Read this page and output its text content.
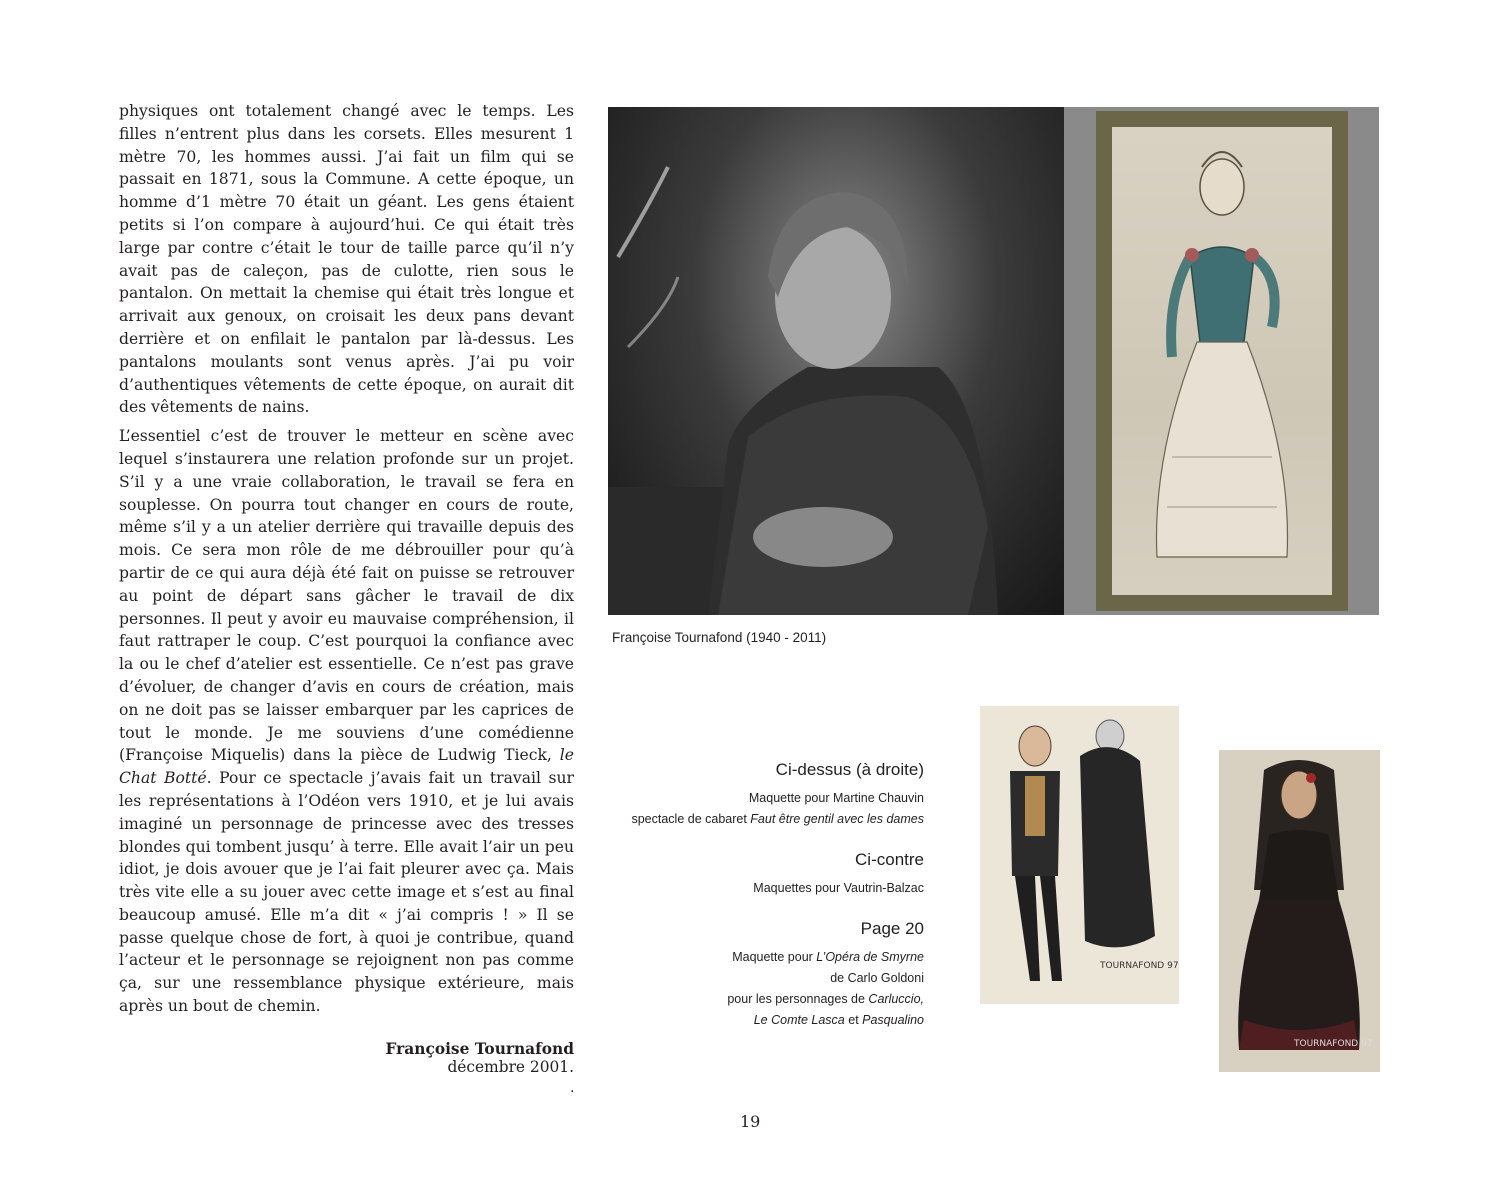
physiques ont totalement changé avec le temps. Les filles n’entrent plus dans les corsets. Elles mesurent 1 mètre 70, les hommes aussi. J’ai fait un film qui se passait en 1871, sous la Commune. A cette époque, un homme d’1 mètre 70 était un géant. Les gens étaient petits si l’on compare à aujourd’hui. Ce qui était très large par contre c’était le tour de taille parce qu’il n’y avait pas de caleçon, pas de culotte, rien sous le pantalon. On mettait la chemise qui était très longue et arrivait aux genoux, on croisait les deux pans devant derrière et on enfilait le pantalon par là-dessus. Les pantalons moulants sont venus après. J’ai pu voir d’authentiques vêtements de cette époque, on aurait dit des vêtements de nains.

L’essentiel c’est de trouver le metteur en scène avec lequel s’instaurera une relation profonde sur un projet. S’il y a une vraie collaboration, le travail se fera en souplesse. On pourra tout changer en cours de route, même s’il y a un atelier derrière qui travaille depuis des mois. Ce sera mon rôle de me débrouiller pour qu’à partir de ce qui aura déjà été fait on puisse se retrouver au point de départ sans gâcher le travail de dix personnes. Il peut y avoir eu mauvaise compréhension, il faut rattraper le coup. C’est pourquoi la confiance avec la ou le chef d’atelier est essentielle. Ce n’est pas grave d’évoluer, de changer d’avis en cours de création, mais on ne doit pas se laisser embarquer par les caprices de tout le monde. Je me souviens d’une comédienne (Françoise Miquelis) dans la pièce de Ludwig Tieck, le Chat Botté. Pour ce spectacle j’avais fait un travail sur les représentations à l’Odéon vers 1910, et je lui avais imaginé un personnage de princesse avec des tresses blondes qui tombent jusqu’ à terre. Elle avait l’air un peu idiot, je dois avouer que je l’ai fait pleurer avec ça. Mais très vite elle a su jouer avec cette image et s’est au final beaucoup amusé. Elle m’a dit « j’ai compris ! » Il se passe quelque chose de fort, à quoi je contribue, quand l’acteur et le personnage se rejoignent non pas comme ça, sur une ressemblance physique extérieure, mais après un bout de chemin.

Françoise Tournafond
décembre 2001.
.
Françoise Tournafond (1940 - 2011)
Ci-dessus (à droite)

Maquette pour Martine Chauvin

spectacle de cabaret Faut être gentil avec les dames

Ci-contre

Maquettes pour Vautrin-Balzac

Page 20

Maquette pour L’Opéra de Smyrne

de Carlo Goldoni

pour les personnages de Carluccio,

Le Comte Lasca et Pasqualino

TOURNAFOND 97
TOURNAFOND 97
19
